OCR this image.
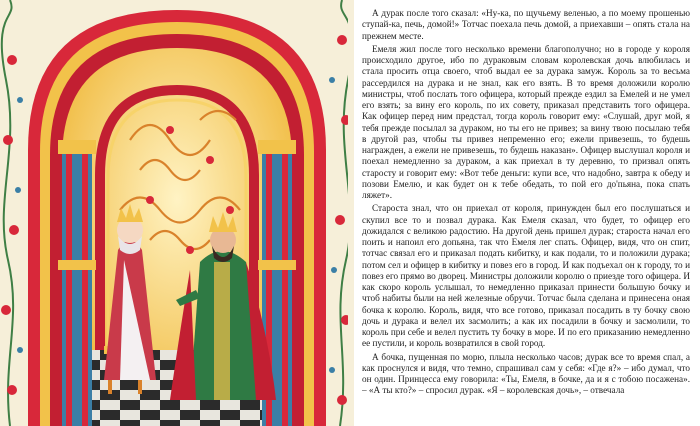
А дурак после того сказал: «Ну-ка, по щучьему веленью, а по моему прошенью ступай-ка, печь, домой!» Тотчас поехала печь домой, а приехавши – опять стала на прежнем месте.

Емеля жил после того несколько времени благополучно; но в городе у короля происходило другое, ибо по дураковым словам королевская дочь влюбилась и стала просить отца своего, чтоб выдал ее за дурака замуж. Король за то весьма рассердился на дурака и не знал, как его взять. В то время доложили королю министры, чтоб послать того офицера, который прежде ездил за Емелей и не умел его взять; за вину его король, по их совету, приказал представить того офицера. Как офицер перед ним предстал, тогда король говорит ему: «Слушай, друг мой, я тебя прежде посылал за дураком, но ты его не привез; за вину твою посылаю тебя в другой раз, чтобы ты привез непременно его; ежели привезешь, то будешь награжден, а ежели не привезешь, то будешь наказан». Офицер выслушал короля и поехал немедленно за дураком, а как приехал в ту деревню, то призвал опять старосту и говорит ему: «Вот тебе деньги: купи все, что надобно, завтра к обеду и позови Емелю, и как будет он к тебе обедать, то пой его до'пьяна, пока спать ляжет».

Староста знал, что он приехал от короля, принужден был его послушаться и скупил все то и позвал дурака. Как Емеля сказал, что будет, то офицер его дожидался с великою радостию. На другой день пришел дурак; староста начал его поить и напоил его допьяна, так что Емеля лег спать. Офицер, видя, что он спит, тотчас связал его и приказал подать кибитку, и как подали, то и положили дурака; потом сел и офицер в кибитку и повез его в город. И как подъехал он к городу, то и повез его прямо во дворец. Министры доложили королю о приезде того офицера. И как скоро король услышал, то немедленно приказал принести большую бочку и чтоб набиты были на ней железные обручи. Тотчас была сделана и принесена оная бочка к королю. Король, видя, что все готово, приказал посадить в ту бочку свою дочь и дурака и велел их засмолить; а как их посадили в бочку и засмолили, то король при себе и велел пустить ту бочку в море. И по его приказанию немедленно ее пустили, и король возвратился в свой город.

А бочка, пущенная по морю, плыла несколько часов; дурак все то время спал, а как проснулся и видя, что темно, спрашивал сам у себя: «Где я?» – ибо думал, что он один. Принцесса ему говорила: «Ты, Емеля, в бочке, да и я с тобою посажена». – «А ты кто?» – спросил дурак. «Я – королевская дочь», – отвечала
